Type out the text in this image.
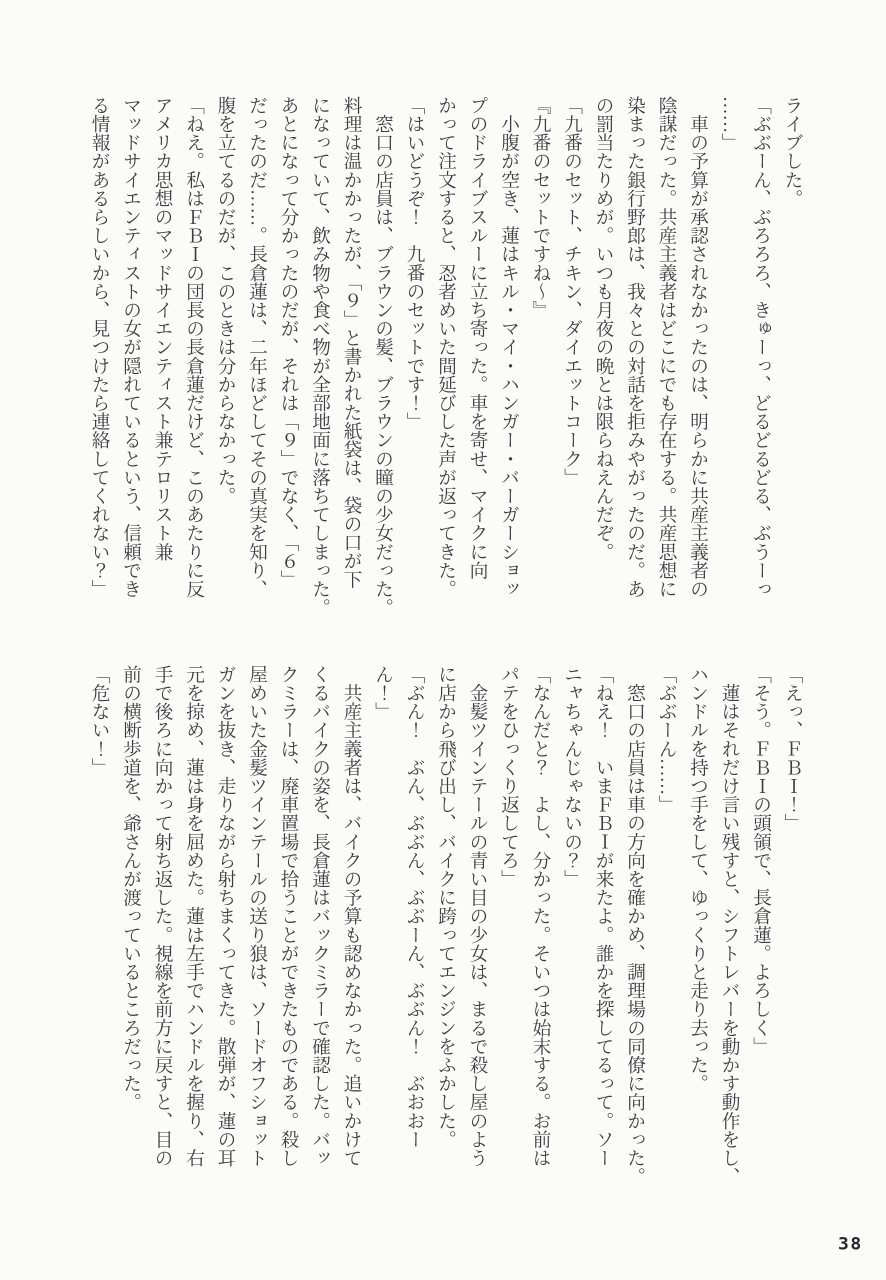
ライブした。
「ぶぶーん、ぶろろろ、きゅーっ、どるどるどる、ぶうーっ
……」
　車の予算が承認されなかったのは、明らかに共産主義者の
陰謀だった。共産主義者はどこにでも存在する。共産思想に
染まった銀行野郎は、我々との対話を拒みやがったのだ。あ
の罰当たりめが。いつも月夜の晩とは限らねえんだぞ。
「九番のセット、チキン、ダイエットコーク」
『九番のセットですね〜』
　小腹が空き、蓮はキル・マイ・ハンガー・バーガーショッ
プのドライブスルーに立ち寄った。車を寄せ、マイクに向
かって注文すると、忍者めいた間延びした声が返ってきた。
「はいどうぞ！　九番のセットです！」
　窓口の店員は、ブラウンの髪、ブラウンの瞳の少女だった。
料理は温かかったが、「９」と書かれた紙袋は、袋の口が下
になっていて、飲み物や食べ物が全部地面に落ちてしまった。
あとになって分かったのだが、それは「９」でなく、「６」
だったのだ……。長倉蓮は、二年ほどしてその真実を知り、
腹を立てるのだが、このときは分からなかった。
「ねえ。私はＦＢＩの団長の長倉蓮だけど、このあたりに反
アメリカ思想のマッドサイエンティスト兼テロリスト兼
マッドサイエンティストの女が隠れているという、信頼でき
る情報があるらしいから、見つけたら連絡してくれない？」
「えっ、ＦＢＩ！」
「そう。ＦＢＩの頭領で、長倉蓮。よろしく」
　蓮はそれだけ言い残すと、シフトレバーを動かす動作をし、
ハンドルを持つ手をして、ゆっくりと走り去った。
「ぶぶーん……」
　窓口の店員は車の方向を確かめ、調理場の同僚に向かった。
「ねえ！　いまＦＢＩが来たよ。誰かを探してるって。ソー
ニャちゃんじゃないの？」
「なんだと？　よし、分かった。そいつは始末する。お前は
パテをひっくり返してろ」
　金髪ツインテールの青い目の少女は、まるで殺し屋のよう
に店から飛び出し、バイクに跨ってエンジンをふかした。
「ぶん！　ぶん、ぶぶん、ぶぶーん、ぶぶん！　ぶおおー
ん！」
　共産主義者は、バイクの予算も認めなかった。追いかけて
くるバイクの姿を、長倉蓮はバックミラーで確認した。バッ
クミラーは、廃車置場で拾うことができたものである。殺し
屋めいた金髪ツインテールの送り狼は、ソードオフショット
ガンを抜き、走りながら射ちまくってきた。散弾が、蓮の耳
元を掠め、蓮は身を屈めた。蓮は左手でハンドルを握り、右
手で後ろに向かって射ち返した。視線を前方に戻すと、目の
前の横断歩道を、爺さんが渡っているところだった。
「危ない！」
38
